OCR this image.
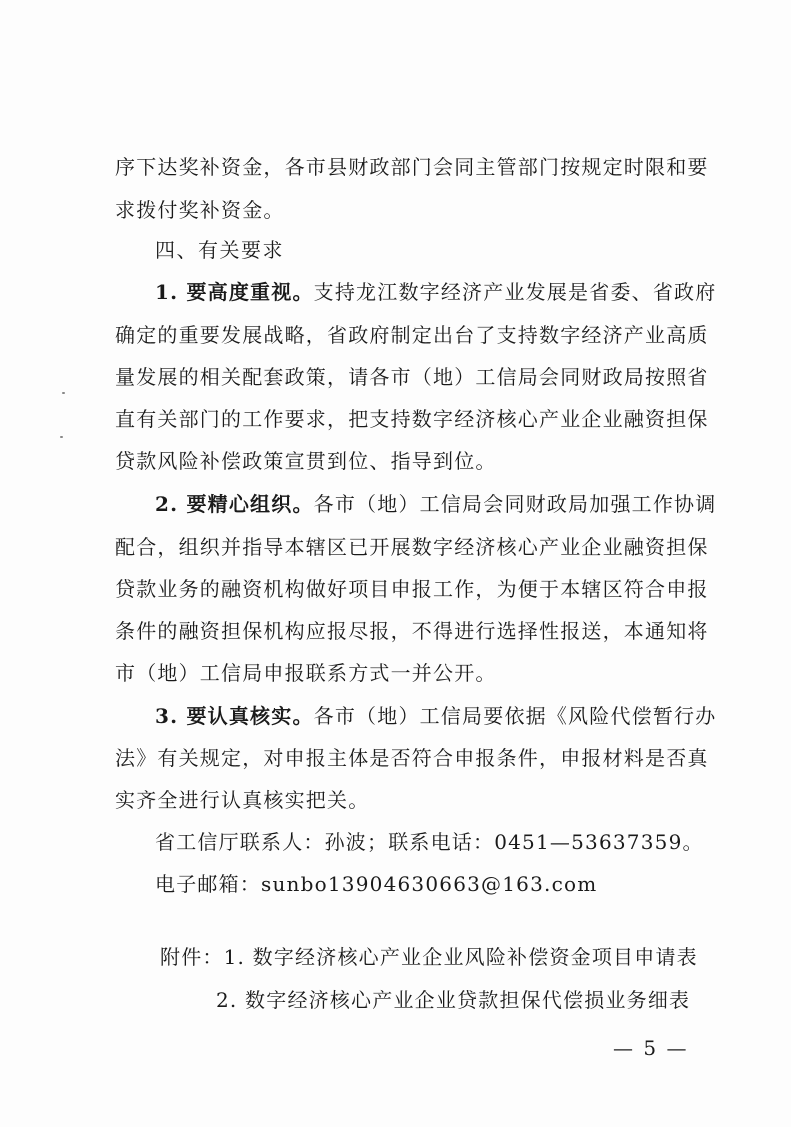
序下达奖补资金，各市县财政部门会同主管部门按规定时限和要
求拨付奖补资金。
四、有关要求
1. 要高度重视。支持龙江数字经济产业发展是省委、省政府
确定的重要发展战略，省政府制定出台了支持数字经济产业高质
量发展的相关配套政策，请各市（地）工信局会同财政局按照省
直有关部门的工作要求，把支持数字经济核心产业企业融资担保
贷款风险补偿政策宣贯到位、指导到位。
2. 要精心组织。各市（地）工信局会同财政局加强工作协调
配合，组织并指导本辖区已开展数字经济核心产业企业融资担保
贷款业务的融资机构做好项目申报工作，为便于本辖区符合申报
条件的融资担保机构应报尽报，不得进行选择性报送，本通知将
市（地）工信局申报联系方式一并公开。
3. 要认真核实。各市（地）工信局要依据《风险代偿暂行办
法》有关规定，对申报主体是否符合申报条件，申报材料是否真
实齐全进行认真核实把关。
省工信厅联系人：孙波；联系电话：0451—53637359。
电子邮箱：sunbo13904630663@163.com
附件：1. 数字经济核心产业企业风险补偿资金项目申请表
2. 数字经济核心产业企业贷款担保代偿损业务细表
— 5 —
